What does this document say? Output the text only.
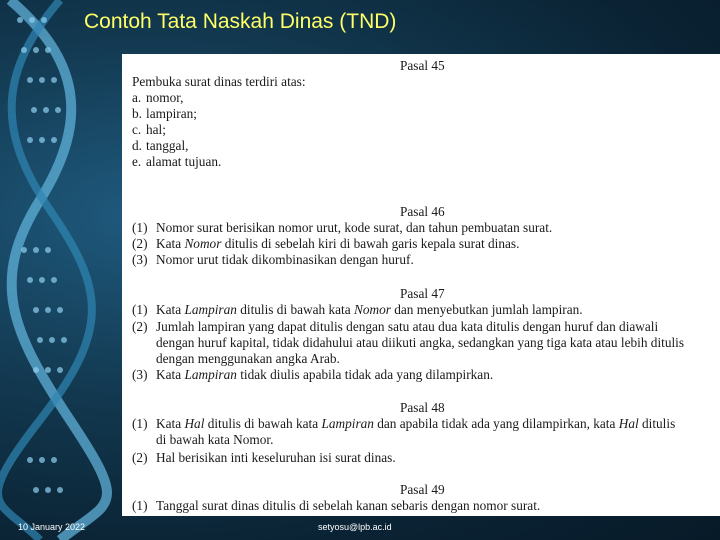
Contoh Tata Naskah Dinas (TND)
Pasal 45
Pembuka surat dinas terdiri atas:
a. nomor,
b. lampiran;
c. hal;
d. tanggal,
e. alamat tujuan.
Pasal 46
(1) Nomor surat berisikan nomor urut, kode surat, dan tahun pembuatan surat.
(2) Kata Nomor ditulis di sebelah kiri di bawah garis kepala surat dinas.
(3) Nomor urut tidak dikombinasikan dengan huruf.
Pasal 47
(1) Kata Lampiran ditulis di bawah kata Nomor dan menyebutkan jumlah lampiran.
(2) Jumlah lampiran yang dapat ditulis dengan satu atau dua kata ditulis dengan huruf dan diawali
dengan huruf kapital, tidak didahului atau diikuti angka, sedangkan yang tiga kata atau lebih ditulis
dengan menggunakan angka Arab.
(3) Kata Lampiran tidak diulis apabila tidak ada yang dilampirkan.
Pasal 48
(1) Kata Hal ditulis di bawah kata Lampiran dan apabila tidak ada yang dilampirkan, kata Hal ditulis
di bawah kata Nomor.
(2) Hal berisikan inti keseluruhan isi surat dinas.
Pasal 49
(1) Tanggal surat dinas ditulis di sebelah kanan sebaris dengan nomor surat.
10 January 2022	setyosu@lpb.ac.id
